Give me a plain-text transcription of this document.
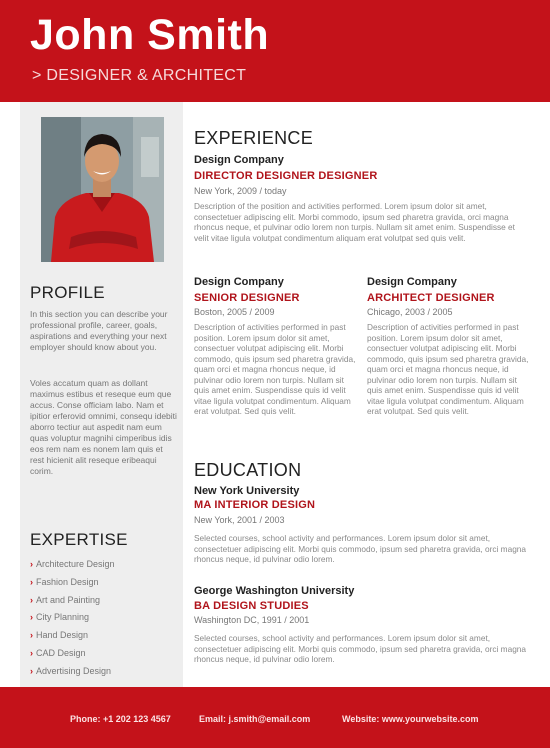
John Smith
> DESIGNER & ARCHITECT
PROFILE
In this section you can describe your professional profile, career, goals, aspirations and everything your next employer should know about you.
Voles accatum quam as dollant maximus estibus et reseque eum que accus. Conse officiam labo. Nam et ipitior erferovid omnimi, consequ idebiti aborro tectiur aut aspedit nam eum quas voluptur magnihi cimperibus idis eos rem nam es nonem lam quis et rest hicienit alit reseque eribeaqui corim.
EXPERTISE
› Architecture Design
› Fashion Design
› Art and Painting
› City Planning
› Hand Design
› CAD Design
› Advertising Design
EXPERIENCE
Design Company
DIRECTOR DESIGNER DESIGNER
New York, 2009 / today
Description of the position and activities performed. Lorem ipsum dolor sit amet, consectetuer adipiscing elit. Morbi commodo, ipsum sed pharetra gravida, orci magna rhoncus neque, et pulvinar odio lorem non turpis. Nullam sit amet enim. Suspendisse et velit vitae ligula volutpat condimentum aliquam erat volutpat sed quis velit.
Design Company
SENIOR DESIGNER
Boston, 2005 / 2009
Description of activities performed in past position. Lorem ipsum dolor sit amet, consectuer volutpat adipiscing elit. Morbi commodo, quis ipsum sed pharetra gravida, quam orci et magna rhoncus neque, id pulvinar odio lorem non turpis. Nullam sit quis amet enim. Suspendisse quis id velit vitae ligula volutpat condimentum. Aliquam erat volutpat. Sed quis velit.
Design Company
ARCHITECT DESIGNER
Chicago, 2003 / 2005
Description of activities performed in past position. Lorem ipsum dolor sit amet, consectuer volutpat adipiscing elit. Morbi commodo, quis ipsum sed pharetra gravida, quam orci et magna rhoncus neque, id pulvinar odio lorem non turpis. Nullam sit quis amet enim. Suspendisse quis id velit vitae ligula volutpat condimentum. Aliquam erat volutpat. Sed quis velit.
EDUCATION
New York University
MA INTERIOR DESIGN
New York, 2001 / 2003
Selected courses, school activity and performances. Lorem ipsum dolor sit amet, consectetuer adipiscing elit. Morbi quis commodo, ipsum sed pharetra gravida, orci magna rhoncus neque, id pulvinar odio lorem.
George Washington University
BA DESIGN STUDIES
Washington DC, 1991 / 2001
Selected courses, school activity and performances. Lorem ipsum dolor sit amet, consectetuer adipiscing elit. Morbi quis commodo, ipsum sed pharetra gravida, orci magna rhoncus neque, id pulvinar odio lorem.
Phone: +1 202 123 4567	Email: j.smith@email.com	Website: www.yourwebsite.com
